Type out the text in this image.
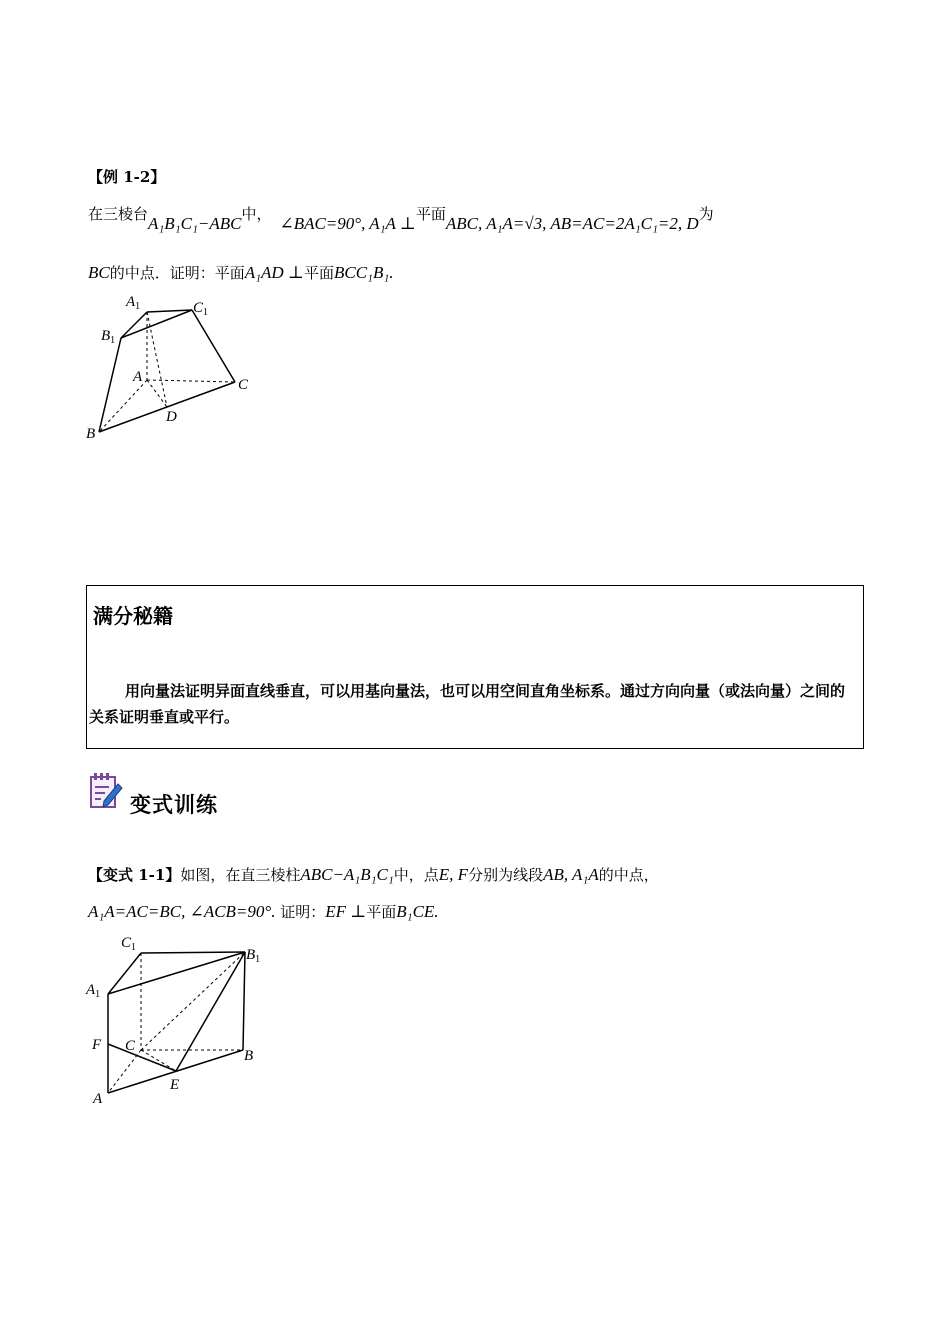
【例 1-2】
在三棱台A₁B₁C₁−ABC中， ∠BAC=90°, A₁A ⊥平面ABC, A₁A=√3, AB=AC=2A₁C₁=2, D为
BC的中点．证明：平面A₁AD ⊥平面BCC₁B₁.
$A_1$	$C_1$
$B_1$
A	C
D
B
满分秘籍
用向量法证明异面直线垂直，可以用基向量法，也可以用空间直角坐标系。通过方向向量（或法向量）之间的关系证明垂直或平行。
变式训练
【变式 1-1】如图，在直三棱柱ABC−A₁B₁C₁中，点E, F分别为线段AB, A₁A的中点，
A₁A=AC=BC, ∠ACB=90°. 证明：EF ⊥平面B₁CE.
$C_1$	$B_1$
$A_1$
F C
B
E
A
